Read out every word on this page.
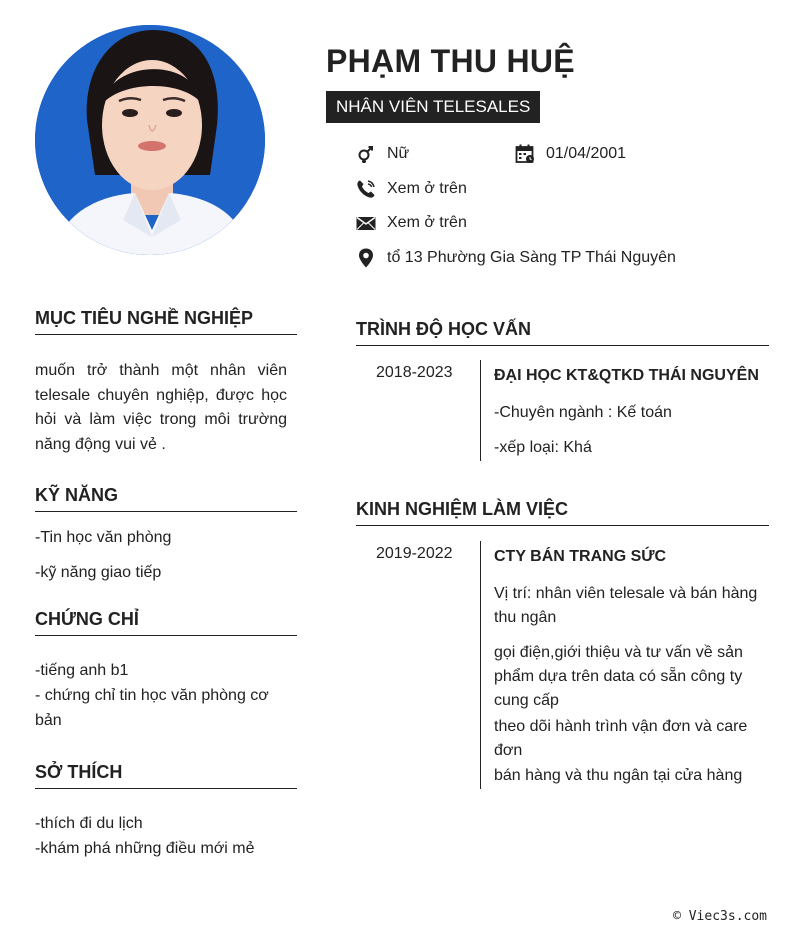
PHẠM THU HUỆ
NHÂN VIÊN TELESALES
Nữ	01/04/2001
Xem ở trên
Xem ở trên
tổ 13 Phường Gia Sàng TP Thái Nguyên
MỤC TIÊU NGHỀ NGHIỆP
muốn trở thành một nhân viên telesale chuyên nghiệp, được học hỏi và làm việc trong môi trường năng động vui vẻ .
KỸ NĂNG
-Tin học văn phòng
-kỹ năng giao tiếp
CHỨNG CHỈ
-tiếng anh b1
- chứng chỉ tin học văn phòng cơ bản
SỞ THÍCH
-thích đi du lịch
-khám phá những điều mới mẻ
TRÌNH ĐỘ HỌC VẤN
2018-2023	ĐẠI HỌC KT&QTKD THÁI NGUYÊN
-Chuyên ngành : Kế toán
-xếp loại: Khá
KINH NGHIỆM LÀM VIỆC
2019-2022	CTY BÁN TRANG SỨC
Vị trí: nhân viên telesale và bán hàng thu ngân
gọi điện,giới thiệu và tư vấn về sản phẩm dựa trên data có sẵn công ty cung cấp
theo dõi hành trình vận đơn và care đơn
bán hàng và thu ngân tại cửa hàng
© Viec3s.com
